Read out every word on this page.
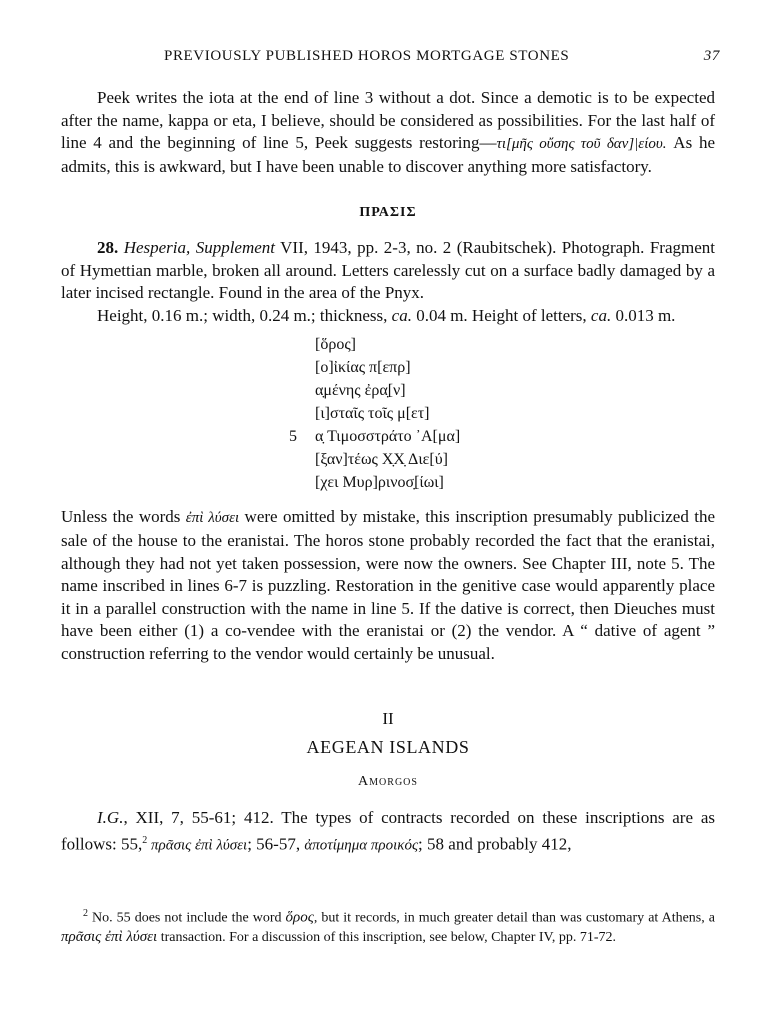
PREVIOUSLY PUBLISHED HOROS MORTGAGE STONES	37

Peek writes the iota at the end of line 3 without a dot. Since a demotic is to be expected after the name, kappa or eta, I believe, should be considered as possibilities. For the last half of line 4 and the beginning of line 5, Peek suggests restoring—τι[μῆς οὔσης τοῦ δαν]|είου. As he admits, this is awkward, but I have been unable to discover anything more satisfactory.

ΠΡΑΣΙΣ

28. Hesperia, Supplement VII, 1943, pp. 2-3, no. 2 (Raubitschek). Photograph. Fragment of Hymettian marble, broken all around. Letters carelessly cut on a surface badly damaged by a later incised rectangle. Found in the area of the Pnyx.

Height, 0.16 m.; width, 0.24 m.; thickness, ca. 0.04 m. Height of letters, ca. 0.013 m.

[ὅρος]
[ο]ἰκίας π[επρ]
α̣μένης ἐρα̣[ν]
[ι]σταῖς τοῖς μ[ετ]
5 α̣ Τιμοσστράτο ᾽Α[μα]
[ξαν]τέως Χ̣Χ̣ Διε[ύ]
[χει Μυρ]ρινοσ̣[ίωι]

Unless the words ἐπὶ λύσει were omitted by mistake, this inscription presumably publicized the sale of the house to the eranistai. The horos stone probably recorded the fact that the eranistai, although they had not yet taken possession, were now the owners. See Chapter III, note 5. The name inscribed in lines 6-7 is puzzling. Restoration in the genitive case would apparently place it in a parallel construction with the name in line 5. If the dative is correct, then Dieuches must have been either (1) a co-vendee with the eranistai or (2) the vendor. A “ dative of agent ” construction referring to the vendor would certainly be unusual.

II

AEGEAN ISLANDS

Amorgos

I.G., XII, 7, 55-61; 412. The types of contracts recorded on these inscriptions are as follows: 55,$^2$ πρᾶσις ἐπὶ λύσει; 56-57, ἀποτίμημα προικός; 58 and probably 412,

$^2$ No. 55 does not include the word ὅρος, but it records, in much greater detail than was customary at Athens, a πρᾶσις ἐπὶ λύσει transaction. For a discussion of this inscription, see below, Chapter IV, pp. 71-72.
